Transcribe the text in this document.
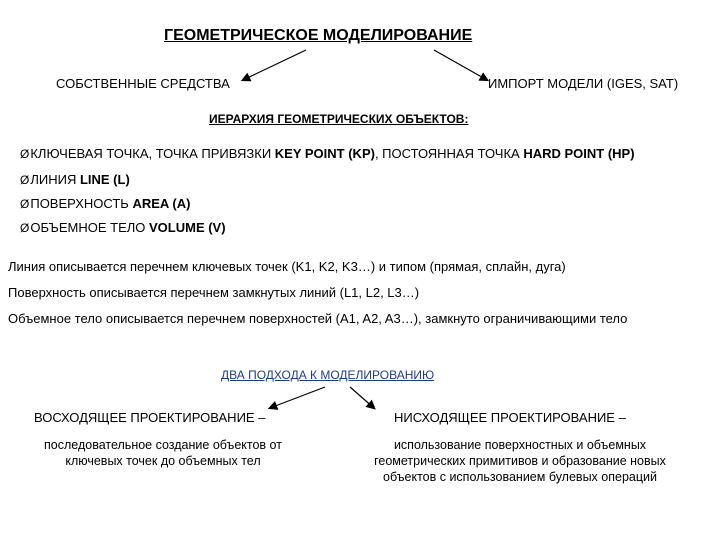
ГЕОМЕТРИЧЕСКОЕ МОДЕЛИРОВАНИЕ
СОБСТВЕННЫЕ СРЕДСТВА	ИМПОРТ МОДЕЛИ (IGES, SAT)
ИЕРАРХИЯ ГЕОМЕТРИЧЕСКИХ ОБЪЕКТОВ:
ØКЛЮЧЕВАЯ ТОЧКА, ТОЧКА ПРИВЯЗКИ KEY POINT (KP), ПОСТОЯННАЯ ТОЧКА HARD POINT (HP)
ØЛИНИЯ LINE (L)
ØПОВЕРХНОСТЬ AREA (A)
ØОБЪЕМНОЕ ТЕЛО VOLUME (V)
Линия описывается перечнем ключевых точек (K1, K2, K3…) и типом (прямая, сплайн, дуга)
Поверхность описывается перечнем замкнутых линий (L1, L2, L3…)
Объемное тело описывается перечнем поверхностей (A1, A2, A3…), замкнуто ограничивающими тело
ДВА ПОДХОДА К МОДЕЛИРОВАНИЮ
ВОСХОДЯЩЕЕ ПРОЕКТИРОВАНИЕ –	НИСХОДЯЩЕЕ ПРОЕКТИРОВАНИЕ –
последовательное создание объектов от
ключевых точек до объемных тел
использование поверхностных и объемных
геометрических примитивов и образование новых
объектов с использованием булевых операций
